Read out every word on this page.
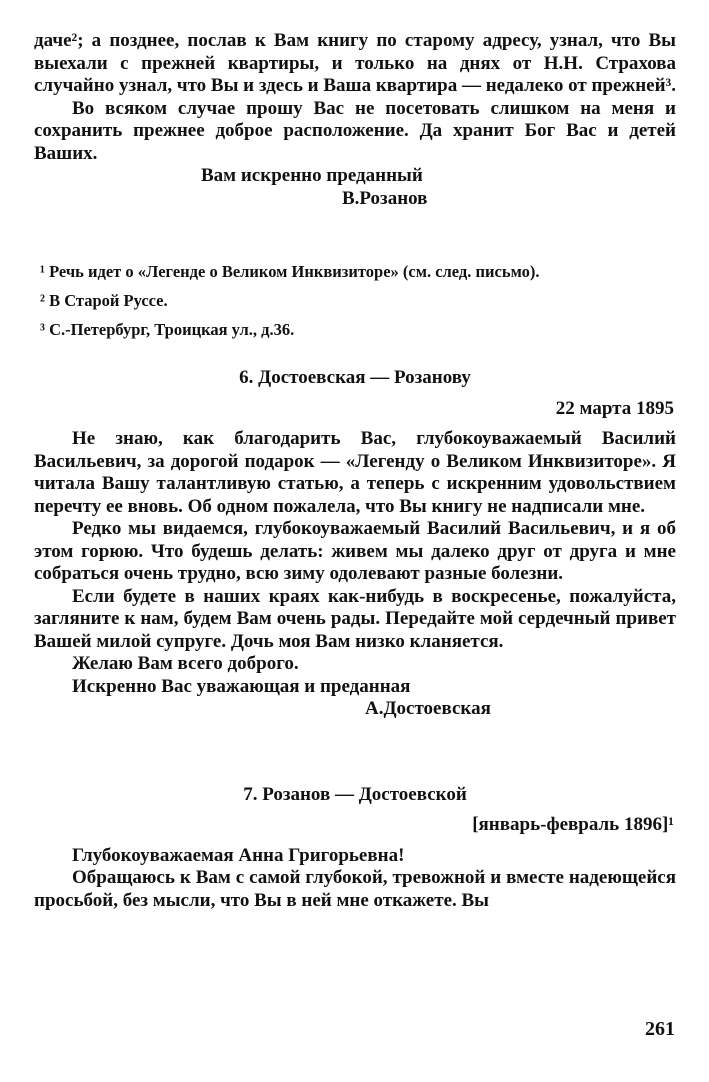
даче²; а позднее, послав к Вам книгу по старому адресу, узнал, что Вы выехали с прежней квартиры, и только на днях от Н.Н. Страхова случайно узнал, что Вы и здесь и Ваша квартира — недалеко от прежней³.

Во всяком случае прошу Вас не посетовать слишком на меня и сохранить прежнее доброе расположение. Да хранит Бог Вас и детей Ваших.

Вам искренно преданный

В.Розанов

¹ Речь идет о «Легенде о Великом Инквизиторе» (см. след. письмо).

² В Старой Руссе.

³ С.-Петербург, Троицкая ул., д.36.

6. Достоевская — Розанову
22 марта 1895

Не знаю, как благодарить Вас, глубокоуважаемый Василий Васильевич, за дорогой подарок — «Легенду о Великом Инквизиторе». Я читала Вашу талантливую статью, а теперь с искренним удовольствием перечту ее вновь. Об одном пожалела, что Вы книгу не надписали мне.

Редко мы видаемся, глубокоуважаемый Василий Васильевич, и я об этом горюю. Что будешь делать: живем мы далеко друг от друга и мне собраться очень трудно, всю зиму одолевают разные болезни.

Если будете в наших краях как-нибудь в воскресенье, пожалуйста, загляните к нам, будем Вам очень рады. Передайте мой сердечный привет Вашей милой супруге. Дочь моя Вам низко кланяется.

Желаю Вам всего доброго.

Искренно Вас уважающая и преданная

А.Достоевская

7. Розанов — Достоевской
[январь-февраль 1896]¹

Глубокоуважаемая Анна Григорьевна!

Обращаюсь к Вам с самой глубокой, тревожной и вместе надеющейся просьбой, без мысли, что Вы в ней мне откажете. Вы

261
